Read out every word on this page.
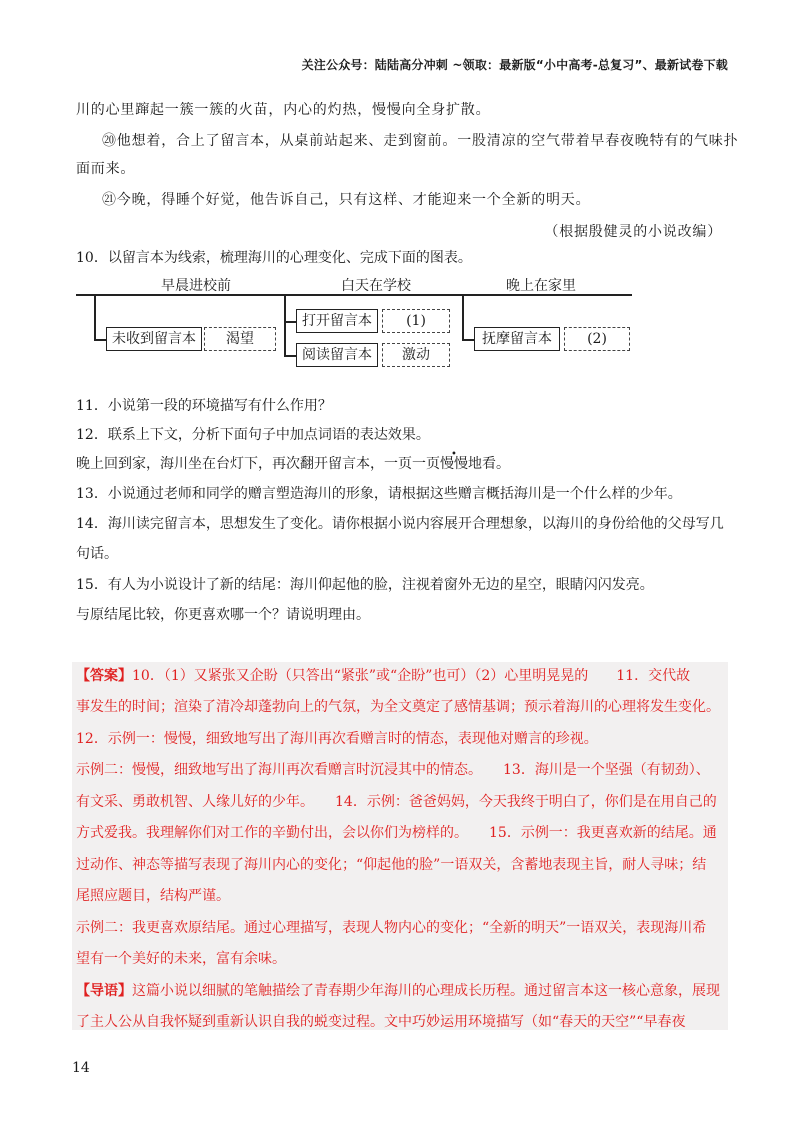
关注公众号：陆陆高分冲刺 ~领取：最新版“小中高考-总复习”、最新试卷下载
川的心里蹿起一簇一簇的火苗，内心的灼热，慢慢向全身扩散。
⑳他想着，合上了留言本，从桌前站起来、走到窗前。一股清凉的空气带着早春夜晚特有的气味扑
面而来。
㉑今晚，得睡个好觉，他告诉自己，只有这样、才能迎来一个全新的明天。
（根据殷健灵的小说改编）
10．以留言本为线索，梳理海川的心理变化、完成下面的图表。
早晨进校前	白天在学校	晚上在家里
未收到留言本	渴望
打开留言本	(1)
阅读留言本	激动
抚摩留言本	(2)
11．小说第一段的环境描写有什么作用？
12．联系上下文，分析下面句子中加点词语的表达效果。
晚上回到家，海川坐在台灯下，再次翻开留言本，一页一页慢慢地看。
13．小说通过老师和同学的赠言塑造海川的形象，请根据这些赠言概括海川是一个什么样的少年。
14．海川读完留言本，思想发生了变化。请你根据小说内容展开合理想象，以海川的身份给他的父母写几
句话。
15．有人为小说设计了新的结尾：海川仰起他的脸，注视着窗外无边的星空，眼睛闪闪发亮。
与原结尾比较，你更喜欢哪一个？请说明理由。
【答案】10．（1）又紧张又企盼（只答出“紧张”或“企盼”也可）（2）心里明晃晃的　　11．交代故
事发生的时间；渲染了清冷却蓬勃向上的气氛，为全文奠定了感情基调；预示着海川的心理将发生变化。
12．示例一：慢慢，细致地写出了海川再次看赠言时的情态，表现他对赠言的珍视。
示例二：慢慢，细致地写出了海川再次看赠言时沉浸其中的情态。　　13．海川是一个坚强（有韧劲）、
有文采、勇敢机智、人缘儿好的少年。　　14．示例：爸爸妈妈，今天我终于明白了，你们是在用自己的
方式爱我。我理解你们对工作的辛勤付出，会以你们为榜样的。　　15．示例一：我更喜欢新的结尾。通
过动作、神态等描写表现了海川内心的变化；“仰起他的脸”一语双关，含蓄地表现主旨，耐人寻味；结
尾照应题目，结构严谨。
示例二：我更喜欢原结尾。通过心理描写，表现人物内心的变化；“全新的明天”一语双关，表现海川希
望有一个美好的未来，富有余味。
【导语】这篇小说以细腻的笔触描绘了青春期少年海川的心理成长历程。通过留言本这一核心意象，展现
了主人公从自我怀疑到重新认识自我的蜕变过程。文中巧妙运用环境描写（如“春天的天空”“早春夜
14
